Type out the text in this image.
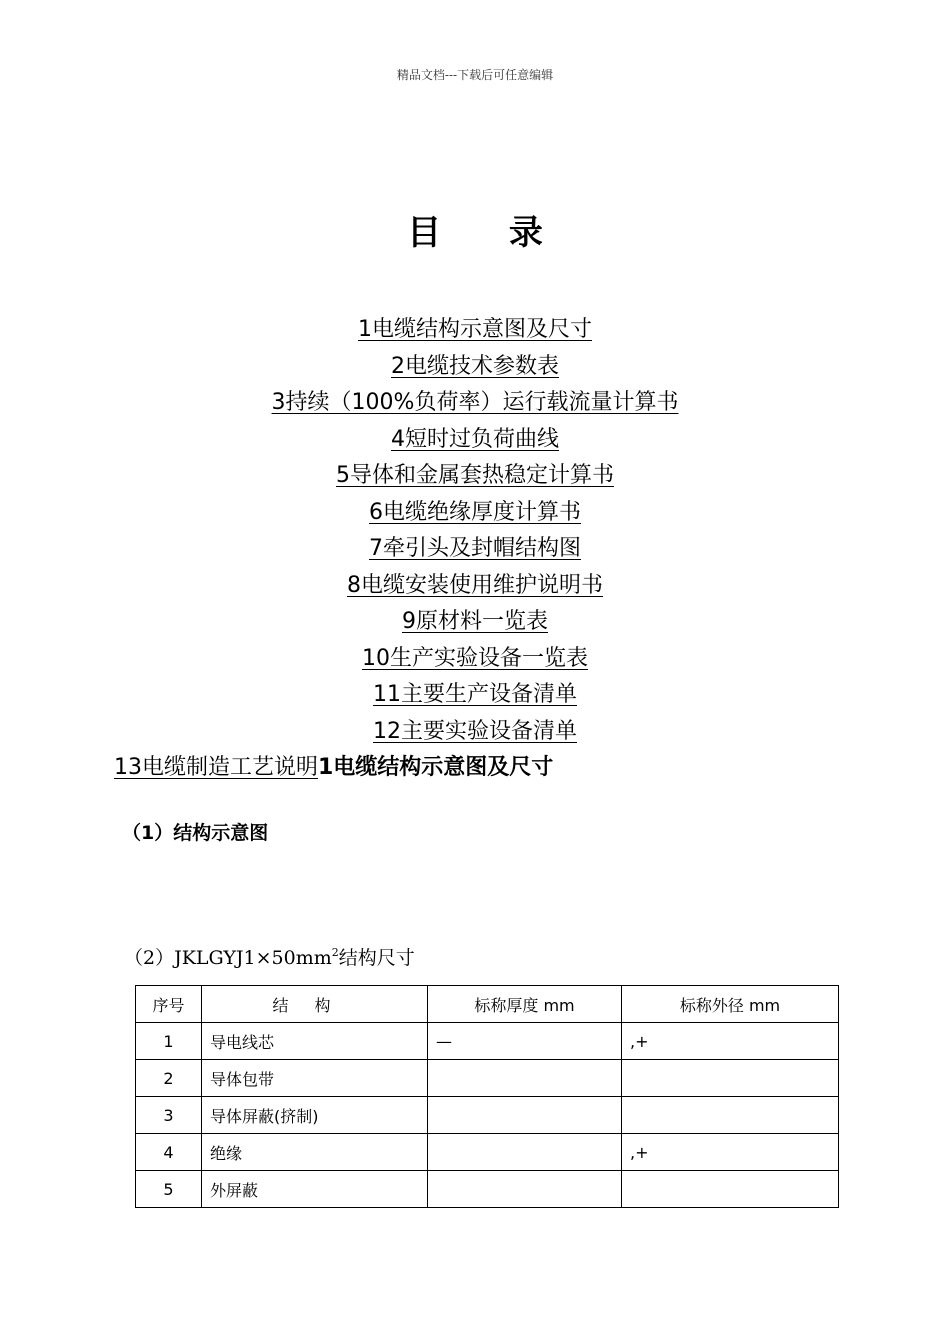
精品文档---下载后可任意编辑
目 录
1电缆结构示意图及尺寸
2电缆技术参数表
3持续（100%负荷率）运行载流量计算书
4短时过负荷曲线
5导体和金属套热稳定计算书
6电缆绝缘厚度计算书
7牵引头及封帽结构图
8电缆安装使用维护说明书
9原材料一览表
10生产实验设备一览表
11主要生产设备清单
12主要实验设备清单
13电缆制造工艺说明1电缆结构示意图及尺寸
（1）结构示意图
$(2)JKLGYJ1\times 50mm^2$结构尺寸
序号	结构	标称厚度 mm	标称外径 mm
1	导电线芯	—	,+
2	导体包带		
3	导体屏蔽(挤制)		
4	绝缘		,+
5	外屏蔽		
